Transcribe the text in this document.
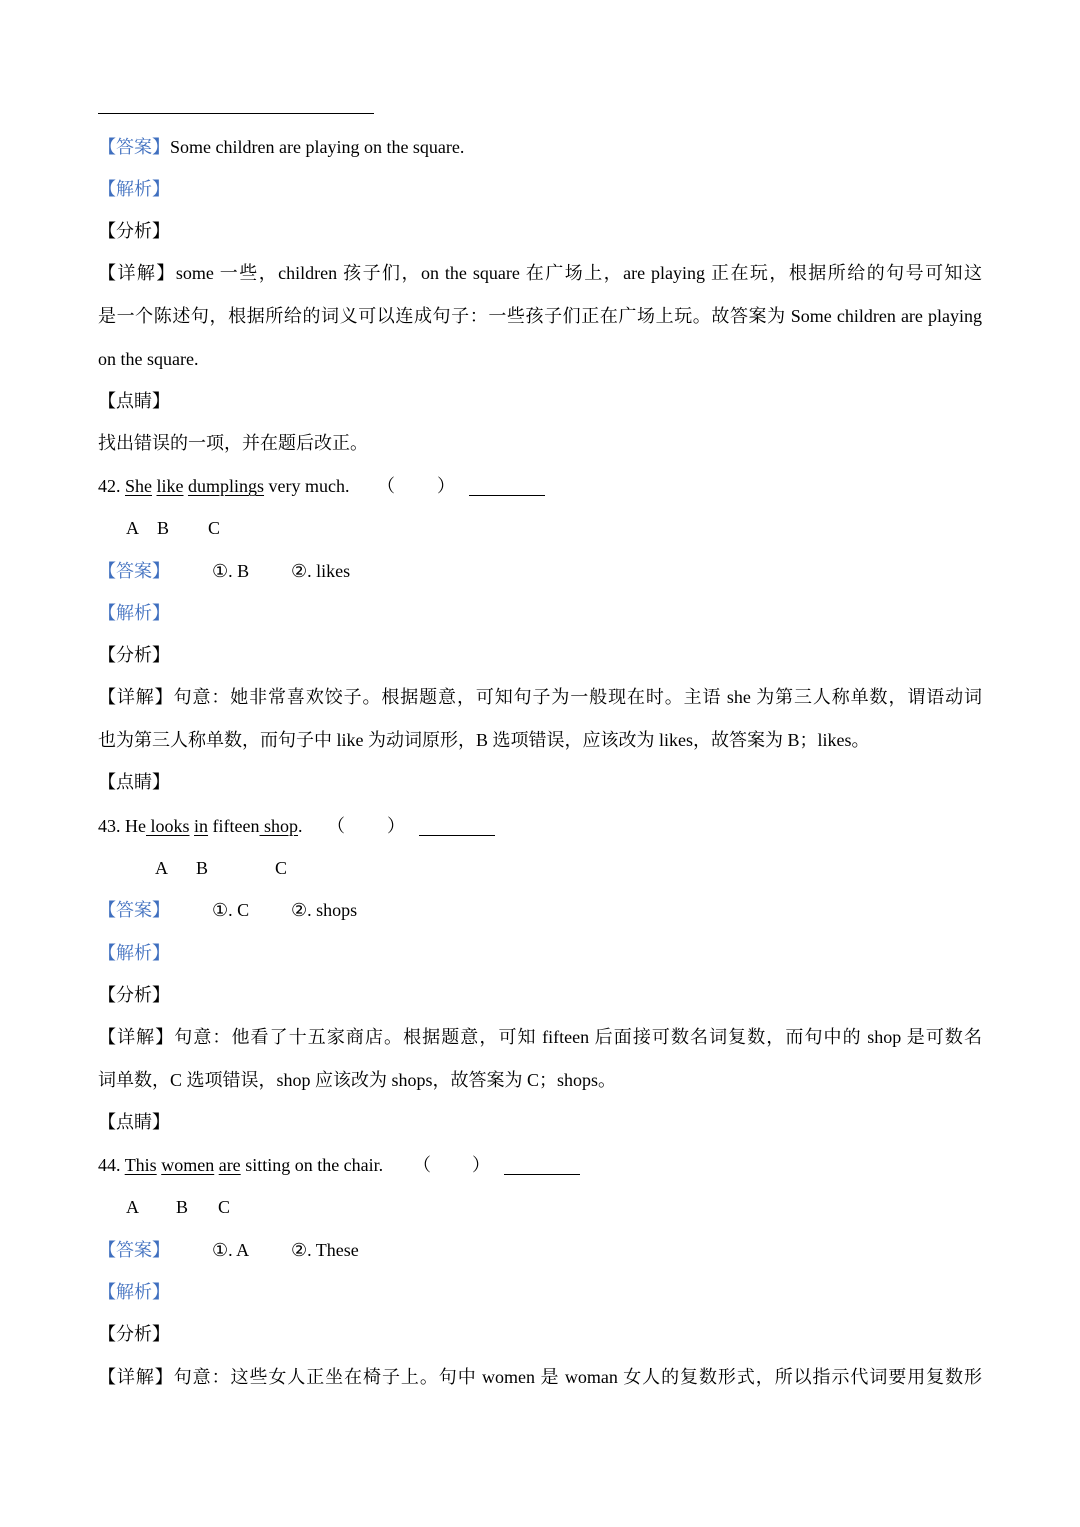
【答案】Some children are playing on the square.
【解析】
【分析】
【详解】some 一些，children 孩子们，on the square 在广场上，are playing 正在玩，根据所给的句号可知这
是一个陈述句，根据所给的词义可以连成句子：一些孩子们正在广场上玩。故答案为 Some children are playing
on the square.
【点睛】
找出错误的一项，并在题后改正。
42. She like dumplings very much. （ ）
A B C
【答案】 ①. B ②. likes
【解析】
【分析】
【详解】句意：她非常喜欢饺子。根据题意，可知句子为一般现在时。主语 she 为第三人称单数，谓语动词
也为第三人称单数，而句子中 like 为动词原形，B 选项错误，应该改为 likes，故答案为 B；likes。
【点睛】
43. He looks in fifteen shop. （ ）
A B	C
【答案】 ①. C ②. shops
【解析】
【分析】
【详解】句意：他看了十五家商店。根据题意，可知 fifteen 后面接可数名词复数，而句中的 shop 是可数名
词单数，C 选项错误，shop 应该改为 shops，故答案为 C；shops。
【点睛】
44. This women are sitting on the chair. （ ）
A B C
【答案】 ①. A ②. These
【解析】
【分析】
【详解】句意：这些女人正坐在椅子上。句中 women 是 woman 女人的复数形式，所以指示代词要用复数形
